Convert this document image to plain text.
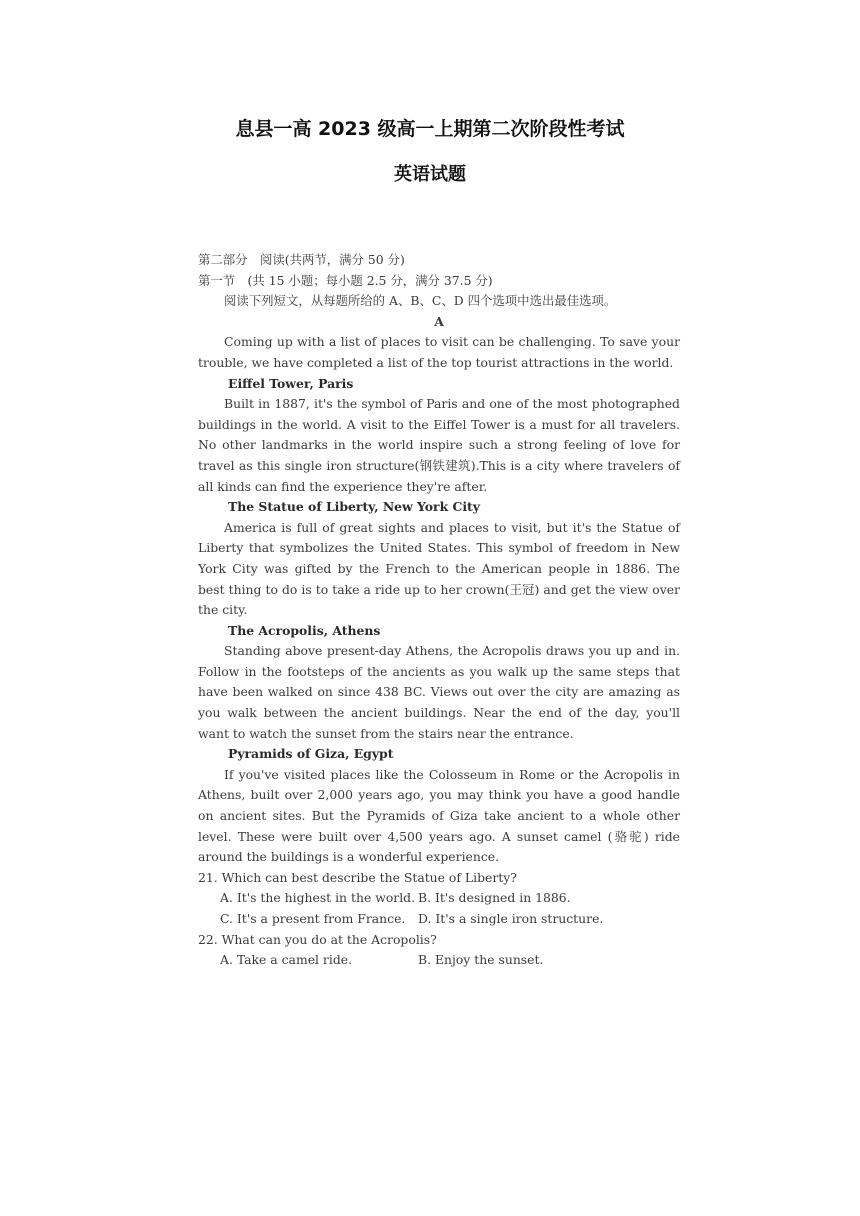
息县一高 2023 级高一上期第二次阶段性考试
英语试题

第二部分　阅读(共两节，满分 50 分)

第一节　(共 15 小题；每小题 2.5 分，满分 37.5 分)

阅读下列短文，从每题所给的 A、B、C、D 四个选项中选出最佳选项。

A

Coming up with a list of places to visit can be challenging. To save your trouble, we have completed a list of the top tourist attractions in the world.

Eiffel Tower, Paris

Built in 1887, it's the symbol of Paris and one of the most photographed buildings in the world. A visit to the Eiffel Tower is a must for all travelers. No other landmarks in the world inspire such a strong feeling of love for travel as this single iron structure(钢铁建筑).This is a city where travelers of all kinds can find the experience they're after.

The Statue of Liberty, New York City

America is full of great sights and places to visit, but it's the Statue of Liberty that symbolizes the United States. This symbol of freedom in New York City was gifted by the French to the American people in 1886. The best thing to do is to take a ride up to her crown(王冠) and get the view over the city.

The Acropolis, Athens

Standing above present-day Athens, the Acropolis draws you up and in. Follow in the footsteps of the ancients as you walk up the same steps that have been walked on since 438 BC. Views out over the city are amazing as you walk between the ancient buildings. Near the end of the day, you'll want to watch the sunset from the stairs near the entrance.

Pyramids of Giza, Egypt

If you've visited places like the Colosseum in Rome or the Acropolis in Athens, built over 2,000 years ago, you may think you have a good handle on ancient sites. But the Pyramids of Giza take ancient to a whole other level. These were built over 4,500 years ago. A sunset camel (骆驼) ride around the buildings is a wonderful experience.

21. Which can best describe the Statue of Liberty?

A. It's the highest in the world. B. It's designed in 1886.
C. It's a present from France.	D. It's a single iron structure.

22. What can you do at the Acropolis?

A. Take a camel ride.	B. Enjoy the sunset.
